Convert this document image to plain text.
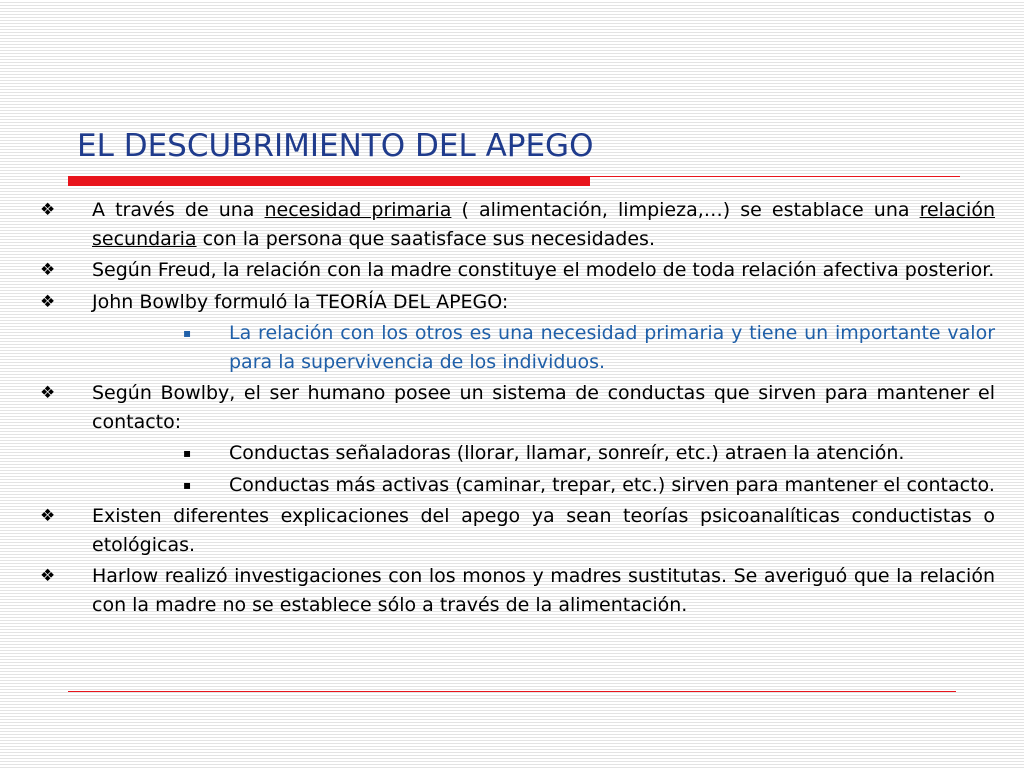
EL DESCUBRIMIENTO DEL APEGO
❖ A través de una necesidad primaria ( alimentación, limpieza,…) se establace una relación secundaria con la persona que saatisface sus necesidades.
❖ Según Freud, la relación con la madre constituye el modelo de toda relación afectiva posterior.
❖ John Bowlby formuló la TEORÍA DEL APEGO:
▪	La relación con los otros es una necesidad primaria y tiene un importante valor para la supervivencia de los individuos.
❖ Según Bowlby, el ser humano posee un sistema de conductas que sirven para mantener el contacto:
▪	Conductas señaladoras (llorar, llamar, sonreír, etc.) atraen la atención.
▪	Conductas más activas (caminar, trepar, etc.) sirven para mantener el contacto.
❖ Existen diferentes explicaciones del apego ya sean teorías psicoanalíticas conductistas o etológicas.
❖ Harlow realizó investigaciones con los monos y madres sustitutas. Se averiguó que la relación con la madre no se establece sólo a través de la alimentación.
